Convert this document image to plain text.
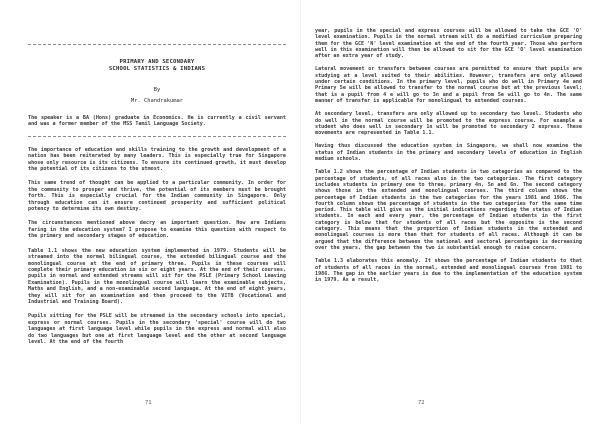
PRIMARY AND SECONDARY
SCHOOL STATISTICS & INDIANS
By
Mr. Chandrakumar

The speaker is a BA (Hons) graduate in Economics. He is currently a civil servant and was a former member of the MSS Tamil Language Society.

The importance of education and skills training to the growth and development of a nation has been reiterated by many leaders. This is especially true for Singapore whose only resource is its citizens. To ensure its continued growth, it must develop the potential of its citizens to the utmost.

This same trend of thought can be applied to a particular community. In order for the community to prosper and thrive, the potential of its members must be brought forth. This is especially crucial for the Indian community in Singapore. Only through education can it ensure continued prosperity and sufficient political potency to determine its own destiny.

The circumstances mentioned above decry an important question. How are Indians faring in the education system? I propose to examine this question with respect to the primary and secondary stages of education.

Table 1.1 shows the new education system implemented in 1979. Students will be streamed into the normal bilingual course, the extended bilingual course and the monolingual course at the end of primary three. Pupils in these courses will complete their primary education in six or eight years. At the end of their courses, pupils in normal and extended streams will sit for the PSLE (Primary School Leaving Examination). Pupils in the monolingual course will learn the examinable subjects, Maths and English, and a non-examinable second language. At the end of eight years, they will sit for an examination and then proceed to the VITB (Vocational and Industrial and Training Board).

Pupils sitting for the PSLE will be streamed in the secondary schools into special, express or normal courses. Pupils in the secondary 'special' course will do two languages at first language level while pupils in the express and normal will also do two languages but one at first language level and the other at second language level. At the end of the fourth

71

year, pupils in the special and express courses will be allowed to take the GCE 'O' level examination. Pupils in the normal stream will do a modified curriculum preparing them for the GCE 'N' level examination at the end of the fourth year. Those who perform well in this examination will then be allowed to sit for the GCE 'O' level examination after an extra year of study.

Lateral movement or transfers between courses are permitted to ensure that pupils are studying at a level suited to their abilities. However, transfers are only allowed under certain conditions. In the primary level, pupils who do well in Primary 4e and Primary 5e will be allowed to transfer to the normal course but at the previous level; that is a pupil from 4 e will go to 3n and a pupil from 5e will go to 4n. The same manner of transfer is applicable for monolingual to extended courses.

At secondary level, transfers are only allowed up to secondary two level. Students who do well in the normal course will be promoted to the express course. For example a student who does well in secondary 1n will be promoted to secondary 2 express. These movements are represented in Table 1.1.

Having thus discussed the education system in Singapore, we shall now examine the status of Indian students in the primary and secondary levels of education in English medium schools.

Table 1.2 shows the percentage of Indian students in two categories as compared to the percentage of students, of all races also in the two categories. The first category includes students in primary one to three, primary 4n, 5n and 6n. The second category shows those in the extended and monolingual courses. The third column shows the percentage of Indian students in the two categories for the years 1981 and 1986. The fourth column shows the percentage of students in the two categories for the same time period. This table will give us the initial indications regarding the status of Indian students. In each and every year, the percentage of Indian students in the first category is below that for students of all races but the opposite is the second category. This means that the proportion of Indian students in the extended and monolingual courses is more than that for students of all races. Although it can be argued that the difference between the national and sectoral percentages is decreasing over the years, the gap between the two is substantial enough to raise concern.

Table 1.3 elaborates this anomaly. It shows the percentage of Indian students to that of students of all races in the normal, extended and monolingual courses from 1981 to 1986. The gap in the earlier years is due to the implementation of the education system in 1979. As a result,

72
